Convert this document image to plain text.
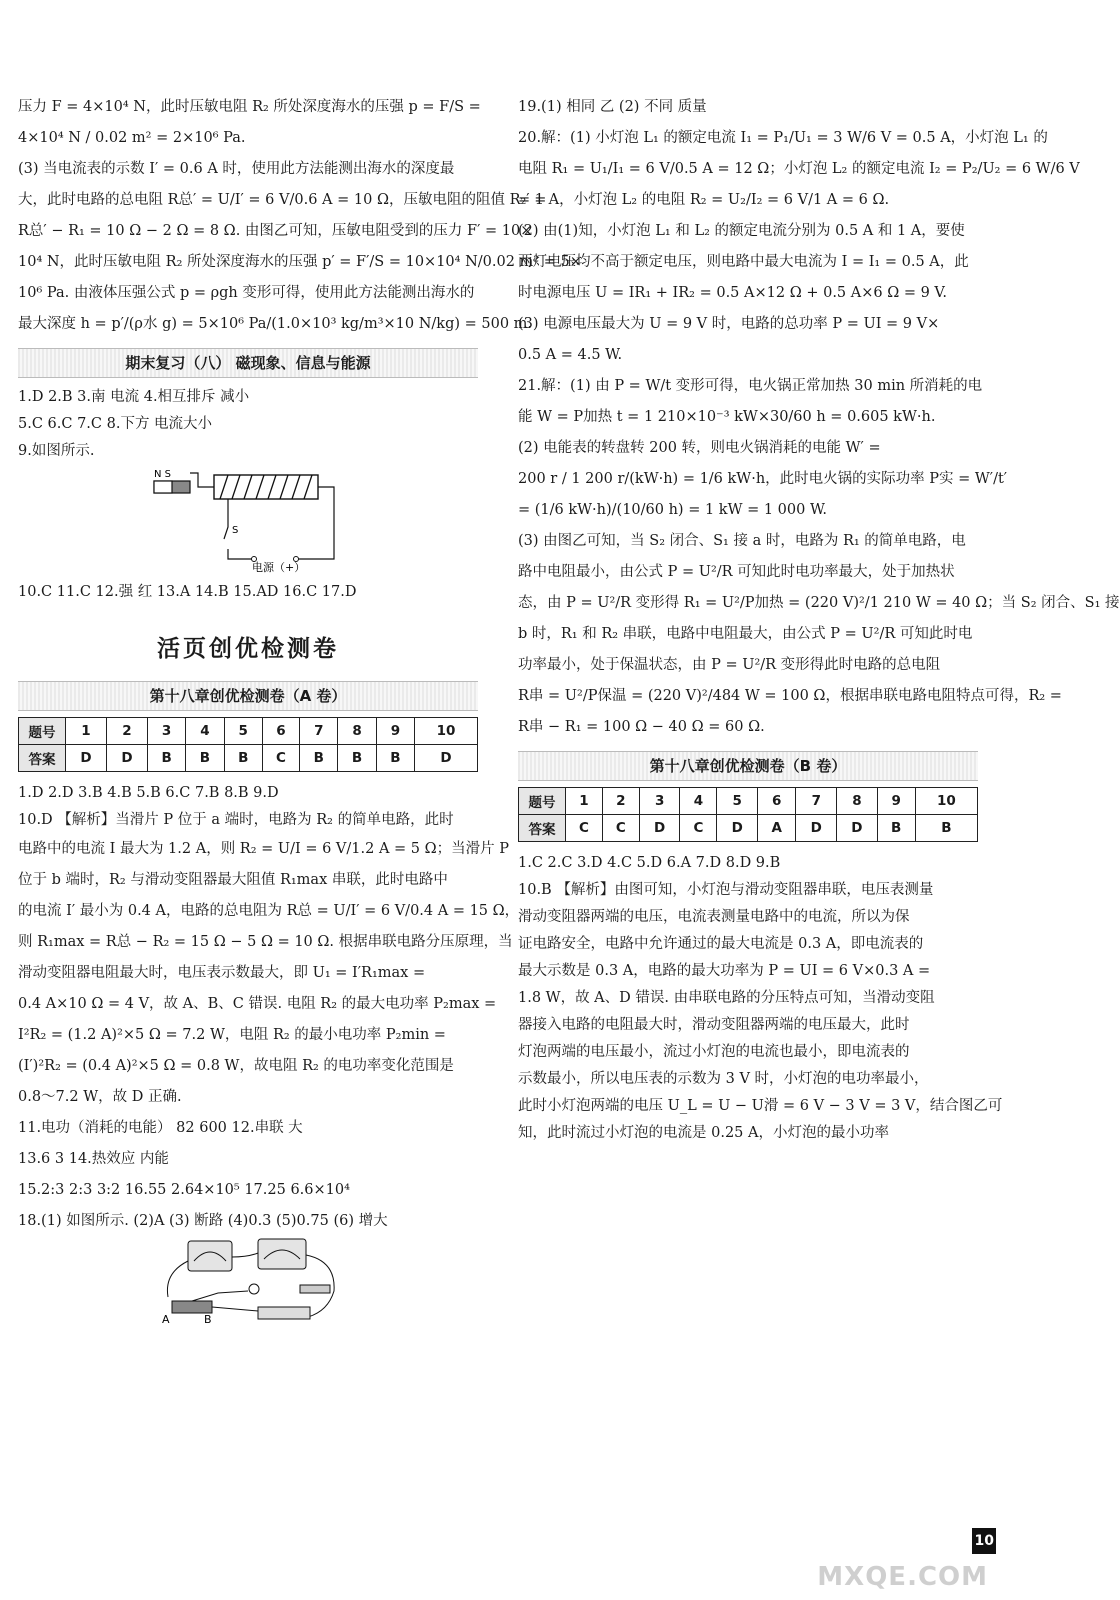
压力 F = 4×10⁴ N，此时压敏电阻 R₂ 所处深度海水的压强 p = F/S =

4×10⁴ N / 0.02 m² = 2×10⁶ Pa.

(3) 当电流表的示数 I′ = 0.6 A 时，使用此方法能测出海水的深度最

大，此时电路的总电阻 R总′ = U/I′ = 6 V/0.6 A = 10 Ω，压敏电阻的阻值 R₂′ =

R总′ − R₁ = 10 Ω − 2 Ω = 8 Ω. 由图乙可知，压敏电阻受到的压力 F′ = 10×

10⁴ N，此时压敏电阻 R₂ 所处深度海水的压强 p′ = F′/S = 10×10⁴ N/0.02 m² = 5×

10⁶ Pa. 由液体压强公式 p = ρgh 变形可得，使用此方法能测出海水的

最大深度 h = p′/(ρ水 g) = 5×10⁶ Pa/(1.0×10³ kg/m³×10 N/kg) = 500 m.

期末复习（八） 磁现象、信息与能源

1.D 2.B 3.南 电流 4.相互排斥 减小

5.C 6.C 7.C 8.下方 电流大小

9.如图所示.

N S
S
电源（+）

10.C 11.C 12.强 红 13.A 14.B 15.AD 16.C 17.D

活页创优检测卷
第十八章创优检测卷（A 卷）
题号	1	2	3	4	5	6	7	8	9	10
答案	D	D	B	B	B	C	B	B	B	D

1.D 2.D 3.B 4.B 5.B 6.C 7.B 8.B 9.D

10.D 【解析】当滑片 P 位于 a 端时，电路为 R₂ 的简单电路，此时

电路中的电流 I 最大为 1.2 A，则 R₂ = U/I = 6 V/1.2 A = 5 Ω；当滑片 P

位于 b 端时，R₂ 与滑动变阻器最大阻值 R₁max 串联，此时电路中

的电流 I′ 最小为 0.4 A，电路的总电阻为 R总 = U/I′ = 6 V/0.4 A = 15 Ω，

则 R₁max = R总 − R₂ = 15 Ω − 5 Ω = 10 Ω. 根据串联电路分压原理，当

滑动变阻器电阻最大时，电压表示数最大，即 U₁ = I′R₁max =

0.4 A×10 Ω = 4 V，故 A、B、C 错误. 电阻 R₂ 的最大电功率 P₂max =

I²R₂ = (1.2 A)²×5 Ω = 7.2 W，电阻 R₂ 的最小电功率 P₂min =

(I′)²R₂ = (0.4 A)²×5 Ω = 0.8 W，故电阻 R₂ 的电功率变化范围是

0.8～7.2 W，故 D 正确.

11.电功（消耗的电能） 82 600 12.串联 大

13.6 3 14.热效应 内能

15.2:3 2:3 3:2 16.55 2.64×10⁵ 17.25 6.6×10⁴

18.(1) 如图所示. (2)A (3) 断路 (4)0.3 (5)0.75 (6) 增大

A	B

19.(1) 相同 乙 (2) 不同 质量

20.解：(1) 小灯泡 L₁ 的额定电流 I₁ = P₁/U₁ = 3 W/6 V = 0.5 A，小灯泡 L₁ 的

电阻 R₁ = U₁/I₁ = 6 V/0.5 A = 12 Ω；小灯泡 L₂ 的额定电流 I₂ = P₂/U₂ = 6 W/6 V

= 1 A，小灯泡 L₂ 的电阻 R₂ = U₂/I₂ = 6 V/1 A = 6 Ω.

(2) 由(1)知，小灯泡 L₁ 和 L₂ 的额定电流分别为 0.5 A 和 1 A，要使

两灯电压均不高于额定电压，则电路中最大电流为 I = I₁ = 0.5 A，此

时电源电压 U = IR₁ + IR₂ = 0.5 A×12 Ω + 0.5 A×6 Ω = 9 V.

(3) 电源电压最大为 U = 9 V 时，电路的总功率 P = UI = 9 V×

0.5 A = 4.5 W.

21.解：(1) 由 P = W/t 变形可得，电火锅正常加热 30 min 所消耗的电

能 W = P加热 t = 1 210×10⁻³ kW×30/60 h = 0.605 kW·h.

(2) 电能表的转盘转 200 转，则电火锅消耗的电能 W′ =

200 r / 1 200 r/(kW·h) = 1/6 kW·h，此时电火锅的实际功率 P实 = W′/t′

= (1/6 kW·h)/(10/60 h) = 1 kW = 1 000 W.

(3) 由图乙可知，当 S₂ 闭合、S₁ 接 a 时，电路为 R₁ 的简单电路，电

路中电阻最小，由公式 P = U²/R 可知此时电功率最大，处于加热状

态，由 P = U²/R 变形得 R₁ = U²/P加热 = (220 V)²/1 210 W = 40 Ω；当 S₂ 闭合、S₁ 接

b 时，R₁ 和 R₂ 串联，电路中电阻最大，由公式 P = U²/R 可知此时电

功率最小，处于保温状态，由 P = U²/R 变形得此时电路的总电阻

R串 = U²/P保温 = (220 V)²/484 W = 100 Ω，根据串联电路电阻特点可得，R₂ =

R串 − R₁ = 100 Ω − 40 Ω = 60 Ω.

第十八章创优检测卷（B 卷）
题号	1	2	3	4	5	6	7	8	9	10
答案	C	C	D	C	D	A	D	D	B	B

1.C 2.C 3.D 4.C 5.D 6.A 7.D 8.D 9.B

10.B 【解析】由图可知，小灯泡与滑动变阻器串联，电压表测量

滑动变阻器两端的电压，电流表测量电路中的电流，所以为保

证电路安全，电路中允许通过的最大电流是 0.3 A，即电流表的

最大示数是 0.3 A，电路的最大功率为 P = UI = 6 V×0.3 A =

1.8 W，故 A、D 错误. 由串联电路的分压特点可知，当滑动变阻

器接入电路的电阻最大时，滑动变阻器两端的电压最大，此时

灯泡两端的电压最小，流过小灯泡的电流也最小，即电流表的

示数最小，所以电压表的示数为 3 V 时，小灯泡的电功率最小，

此时小灯泡两端的电压 U_L = U − U滑 = 6 V − 3 V = 3 V，结合图乙可

知，此时流过小灯泡的电流是 0.25 A，小灯泡的最小功率

10
MXQE.COM
